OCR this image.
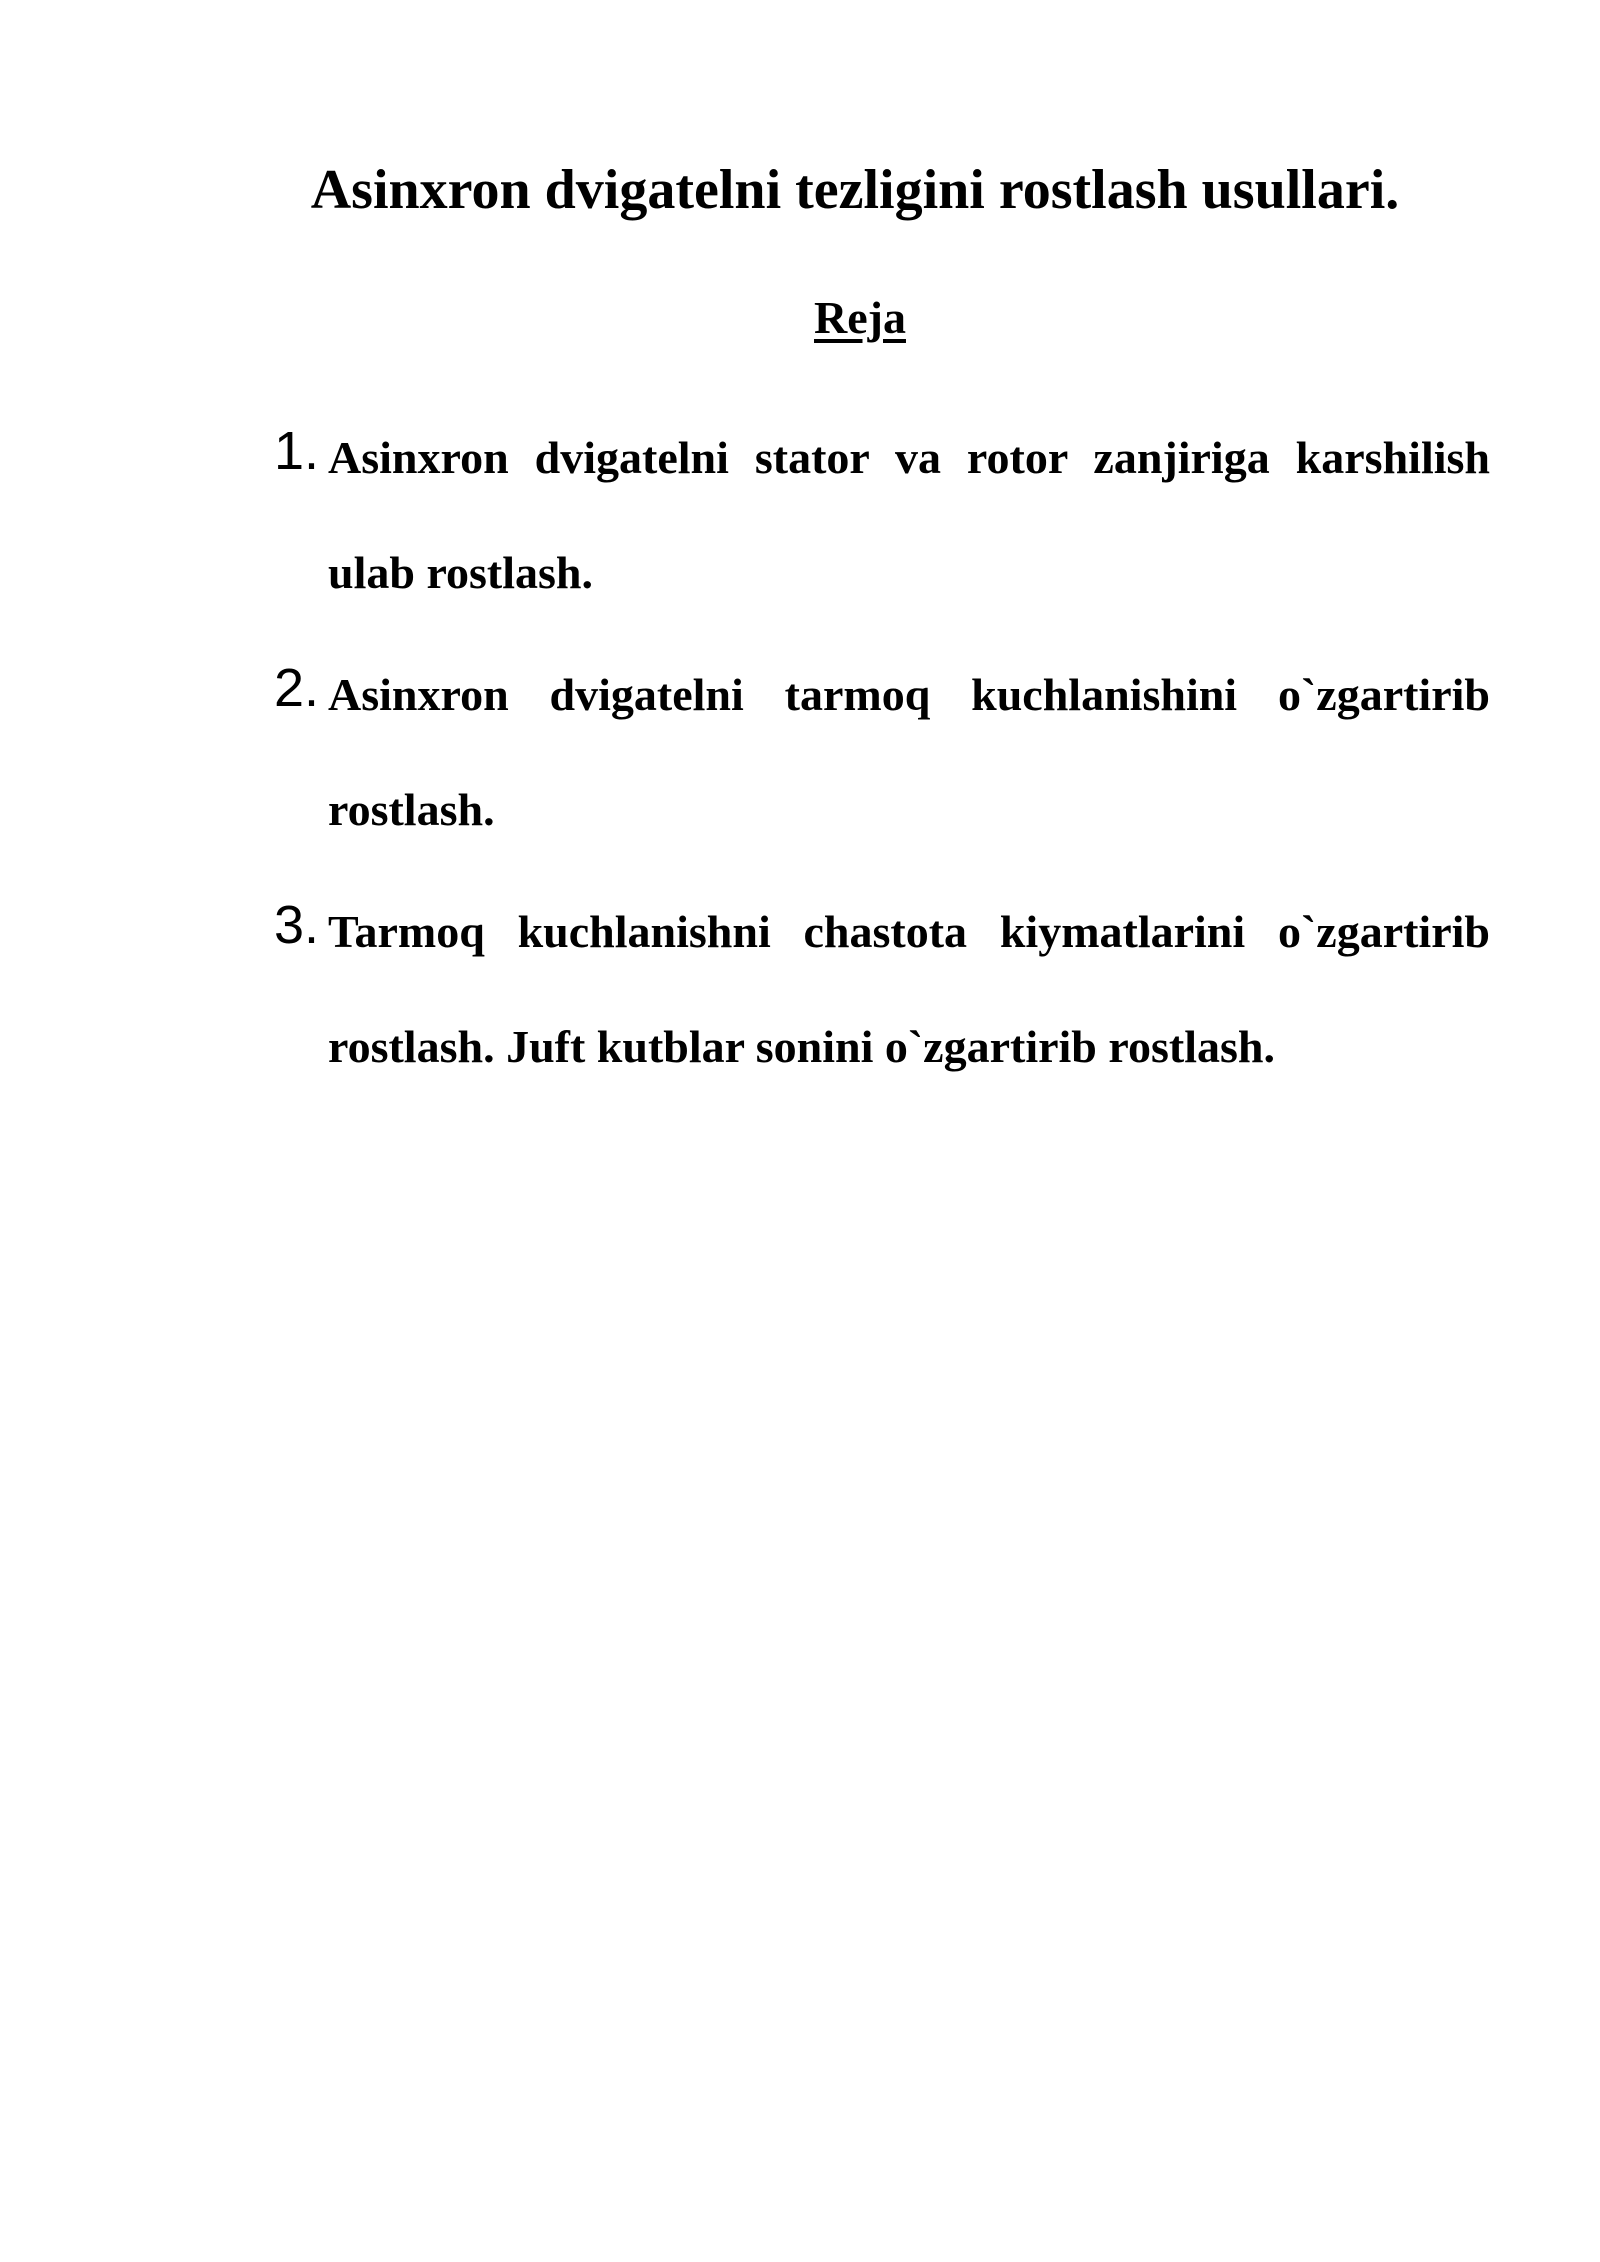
Asinxron dvigatelni tezligini rostlash usullari.
Reja
1. Asinxron dvigatelni stator va rotor zanjiriga karshilish ulab rostlash.
2. Asinxron dvigatelni tarmoq kuchlanishini o`zgartirib rostlash.
3. Tarmoq kuchlanishni chastota kiymatlarini o`zgartirib rostlash. Juft kutblar sonini o`zgartirib rostlash.
